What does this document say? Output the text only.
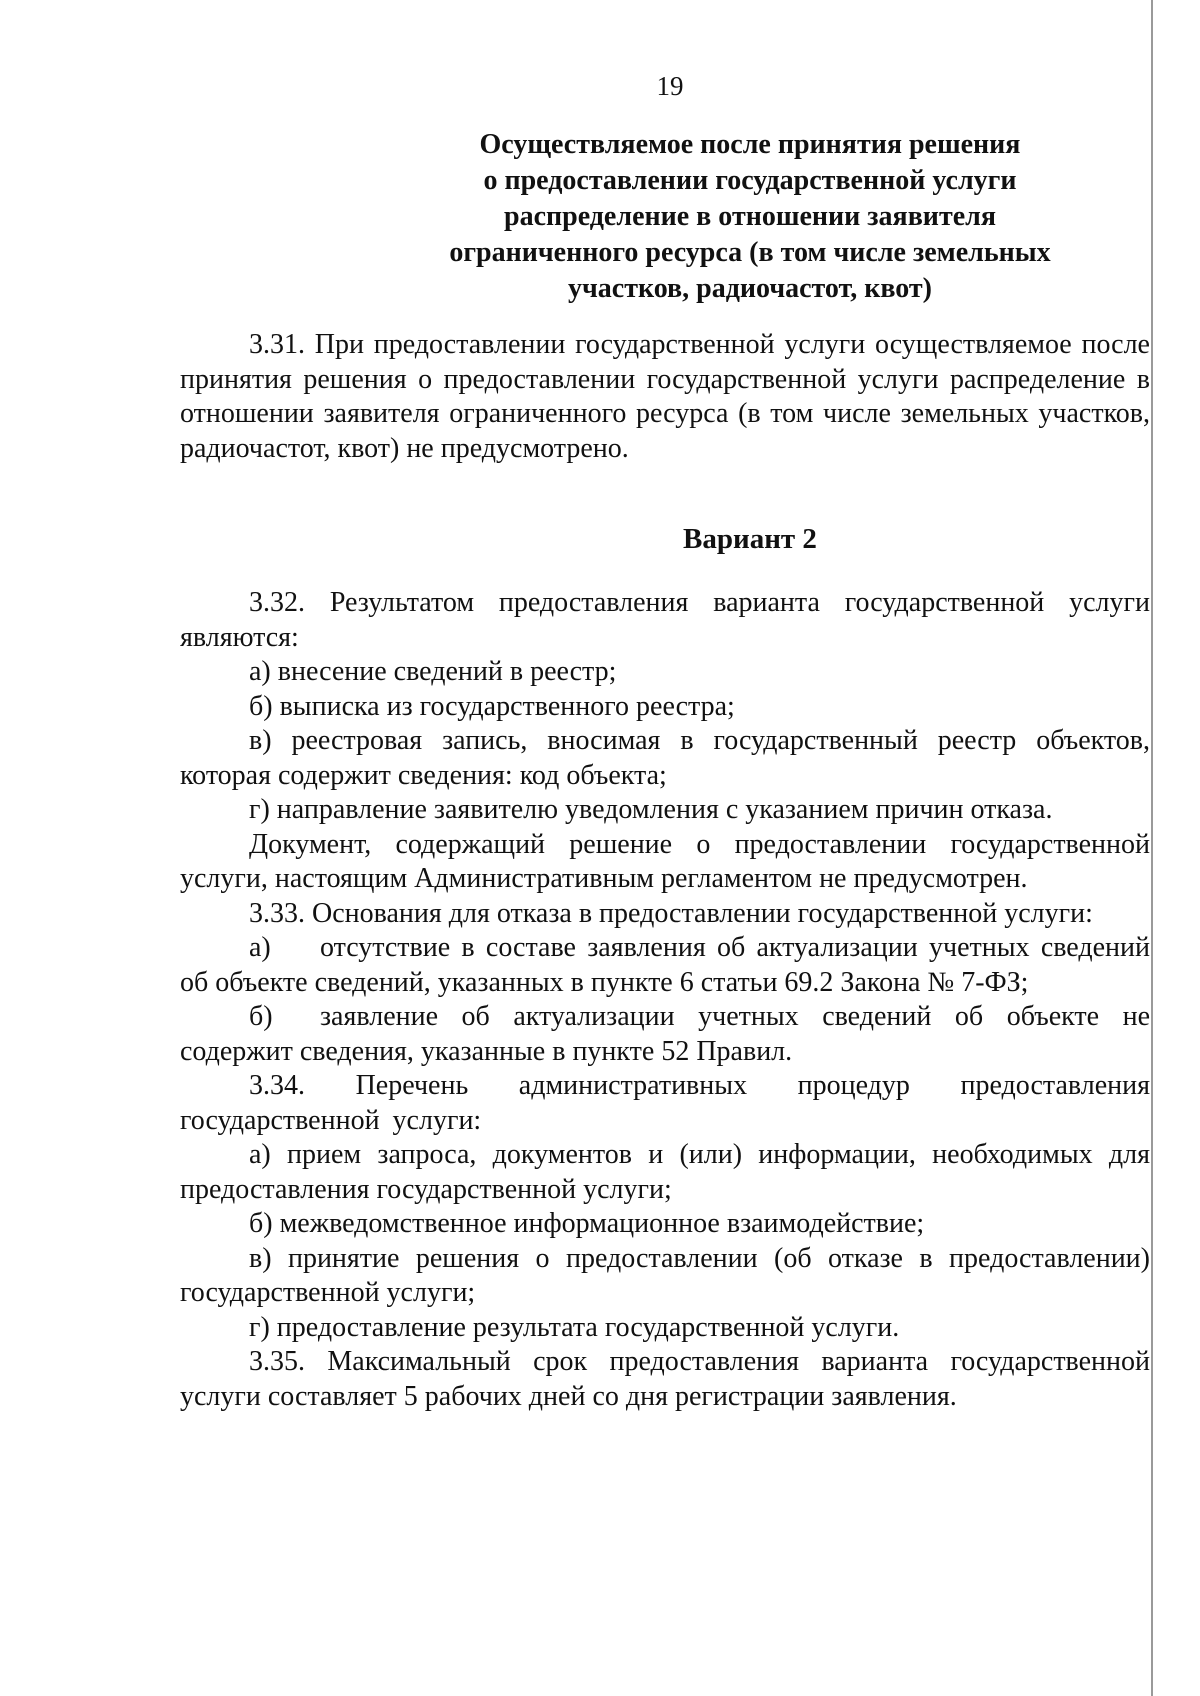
19
Осуществляемое после принятия решения
о предоставлении государственной услуги
распределение в отношении заявителя
ограниченного ресурса (в том числе земельных
участков, радиочастот, квот)

3.31. При предоставлении государственной услуги осуществляемое после принятия решения о предоставлении государственной услуги распределение в отношении заявителя ограниченного ресурса (в том числе земельных участков, радиочастот, квот) не предусмотрено.

Вариант 2

3.32. Результатом предоставления варианта государственной услуги являются:

а) внесение сведений в реестр;

б) выписка из государственного реестра;

в) реестровая запись, вносимая в государственный реестр объектов, которая содержит сведения: код объекта;

г) направление заявителю уведомления с указанием причин отказа.

Документ, содержащий решение о предоставлении государственной услуги, настоящим Административным регламентом не предусмотрен.

3.33. Основания для отказа в предоставлении государственной услуги:

а) отсутствие в составе заявления об актуализации учетных сведений об объекте сведений, указанных в пункте 6 статьи 69.2 Закона № 7-ФЗ;

б) заявление об актуализации учетных сведений об объекте не содержит сведения, указанные в пункте 52 Правил.

3.34. Перечень административных процедур предоставления государственной услуги:

а) прием запроса, документов и (или) информации, необходимых для предоставления государственной услуги;

б) межведомственное информационное взаимодействие;

в) принятие решения о предоставлении (об отказе в предоставлении) государственной услуги;

г) предоставление результата государственной услуги.

3.35. Максимальный срок предоставления варианта государственной услуги составляет 5 рабочих дней со дня регистрации заявления.
